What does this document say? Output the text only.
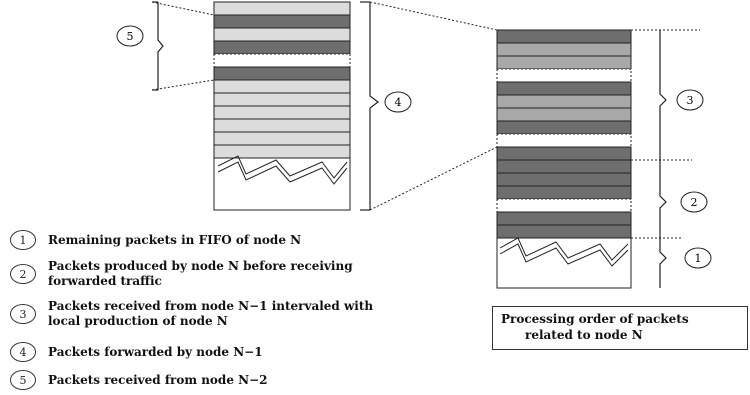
5
4	3
2
1
1	Remaining packets in FIFO of node N
2
Packets produced by node N before receiving
forwarded traffic
3
Packets received from node N−1 intervaled with
local production of node N
4	Packets forwarded by node N−1
5	Packets received from node N−2
Processing order of packets
related to node N
